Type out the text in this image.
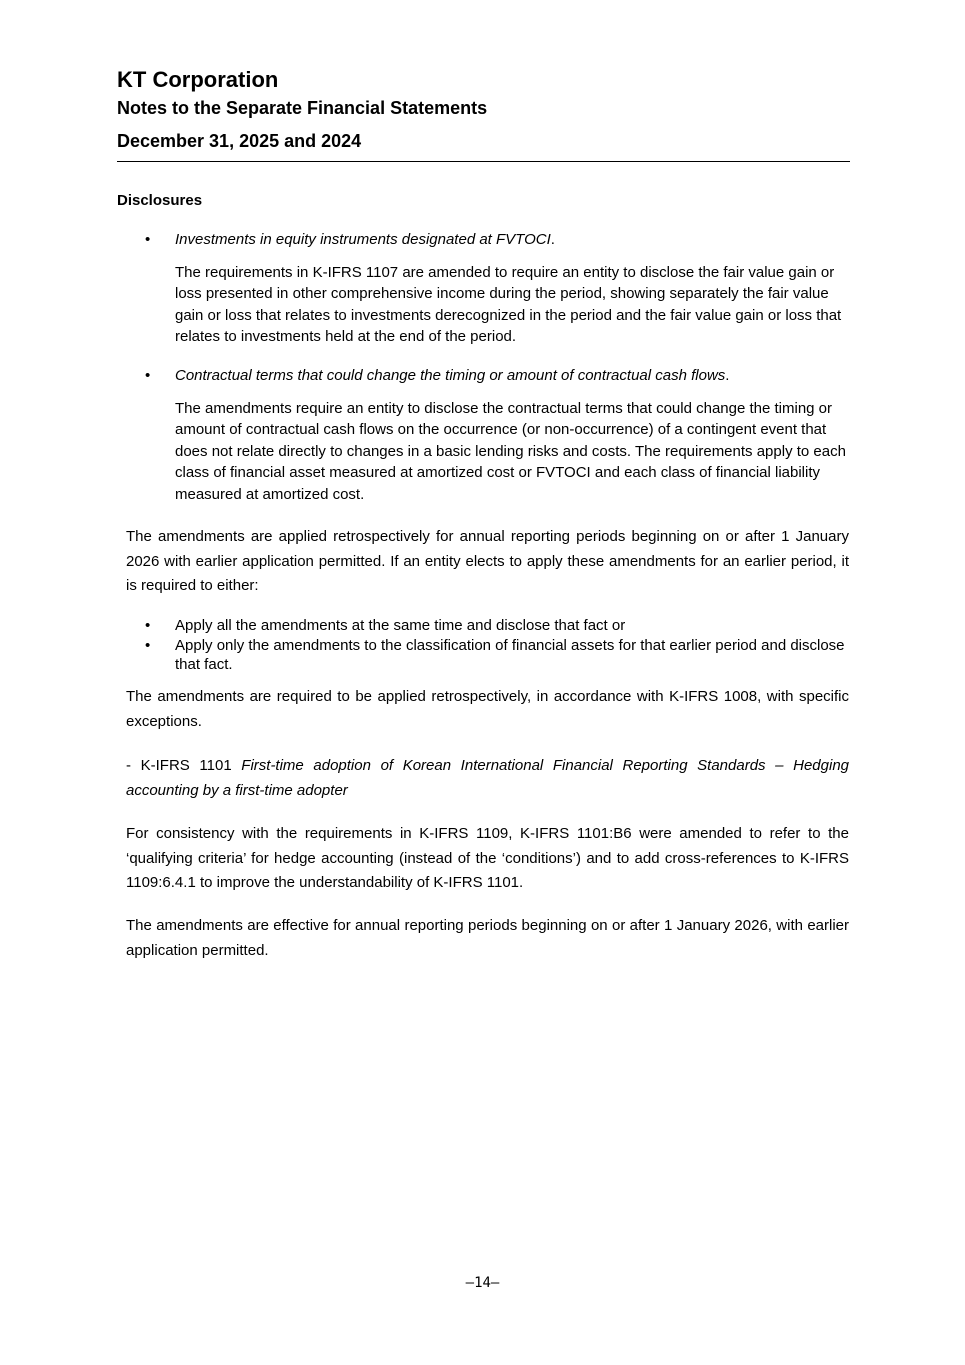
KT Corporation
Notes to the Separate Financial Statements
December 31, 2025 and 2024
Disclosures
• Investments in equity instruments designated at FVTOCI.
The requirements in K-IFRS 1107 are amended to require an entity to disclose the fair value gain or loss presented in other comprehensive income during the period, showing separately the fair value gain or loss that relates to investments derecognized in the period and the fair value gain or loss that relates to investments held at the end of the period.
• Contractual terms that could change the timing or amount of contractual cash flows.
The amendments require an entity to disclose the contractual terms that could change the timing or amount of contractual cash flows on the occurrence (or non-occurrence) of a contingent event that does not relate directly to changes in a basic lending risks and costs. The requirements apply to each class of financial asset measured at amortized cost or FVTOCI and each class of financial liability measured at amortized cost.
The amendments are applied retrospectively for annual reporting periods beginning on or after 1 January 2026 with earlier application permitted. If an entity elects to apply these amendments for an earlier period, it is required to either:
• Apply all the amendments at the same time and disclose that fact or
• Apply only the amendments to the classification of financial assets for that earlier period and disclose that fact.
The amendments are required to be applied retrospectively, in accordance with K-IFRS 1008, with specific exceptions.
- K-IFRS 1101 First-time adoption of Korean International Financial Reporting Standards – Hedging accounting by a first-time adopter
For consistency with the requirements in K-IFRS 1109, K-IFRS 1101:B6 were amended to refer to the ‘qualifying criteria’ for hedge accounting (instead of the ‘conditions’) and to add cross-references to K-IFRS 1109:6.4.1 to improve the understandability of K-IFRS 1101.
The amendments are effective for annual reporting periods beginning on or after 1 January 2026, with earlier application permitted.
–14–
